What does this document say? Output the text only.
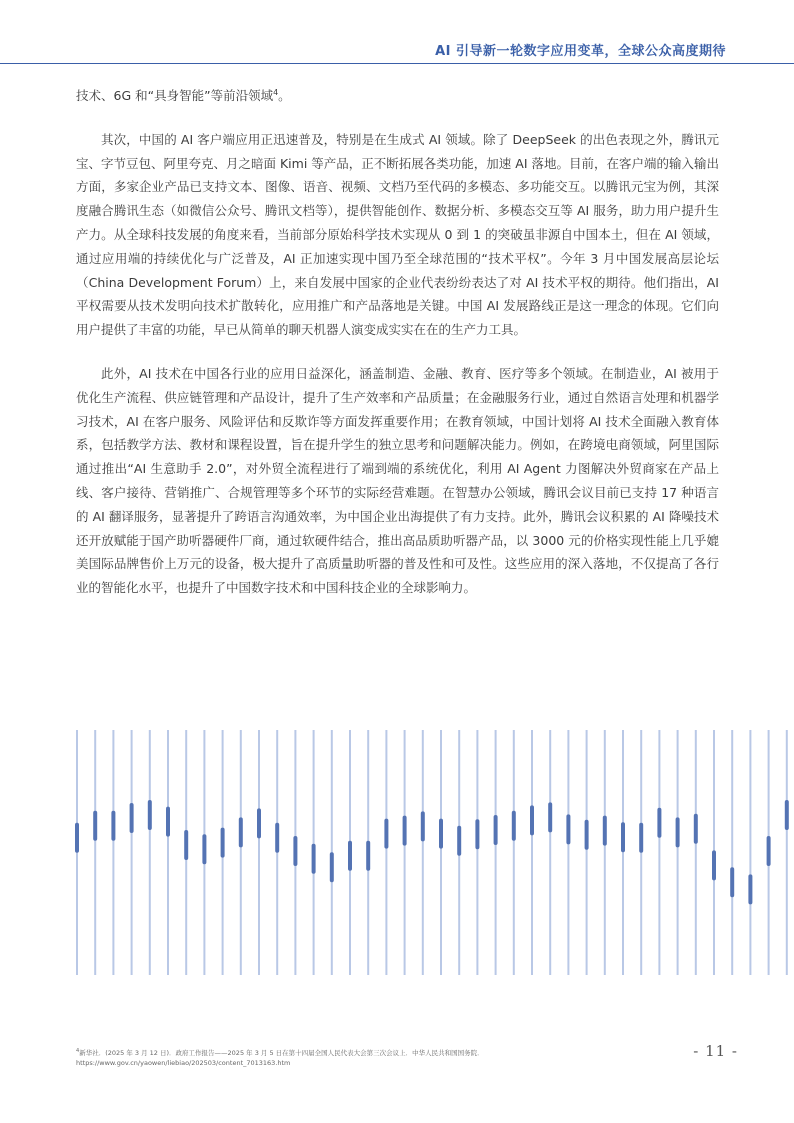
AI 引导新一轮数字应用变革，全球公众高度期待

技术、6G 和“具身智能”等前沿领域$^4$。

其次，中国的 AI 客户端应用正迅速普及，特别是在生成式 AI 领域。除了 DeepSeek 的出色表现之外，腾讯元宝、字节豆包、阿里夸克、月之暗面 Kimi 等产品，正不断拓展各类功能，加速 AI 落地。目前，在客户端的输入输出方面，多家企业产品已支持文本、图像、语音、视频、文档乃至代码的多模态、多功能交互。以腾讯元宝为例，其深度融合腾讯生态（如微信公众号、腾讯文档等），提供智能创作、数据分析、多模态交互等 AI 服务，助力用户提升生产力。从全球科技发展的角度来看，当前部分原始科学技术实现从 0 到 1 的突破虽非源自中国本土，但在 AI 领域，通过应用端的持续优化与广泛普及，AI 正加速实现中国乃至全球范围的“技术平权”。今年 3 月中国发展高层论坛（China Development Forum）上，来自发展中国家的企业代表纷纷表达了对 AI 技术平权的期待。他们指出，AI 平权需要从技术发明向技术扩散转化，应用推广和产品落地是关键。中国 AI 发展路线正是这一理念的体现。它们向用户提供了丰富的功能，早已从简单的聊天机器人演变成实实在在的生产力工具。

此外，AI 技术在中国各行业的应用日益深化，涵盖制造、金融、教育、医疗等多个领域。在制造业，AI 被用于优化生产流程、供应链管理和产品设计，提升了生产效率和产品质量；在金融服务行业，通过自然语言处理和机器学习技术，AI 在客户服务、风险评估和反欺诈等方面发挥重要作用；在教育领域，中国计划将 AI 技术全面融入教育体系，包括教学方法、教材和课程设置，旨在提升学生的独立思考和问题解决能力。例如，在跨境电商领域，阿里国际通过推出“AI 生意助手 2.0”，对外贸全流程进行了端到端的系统优化，利用 AI Agent 力图解决外贸商家在产品上线、客户接待、营销推广、合规管理等多个环节的实际经营难题。在智慧办公领域，腾讯会议目前已支持 17 种语言的 AI 翻译服务，显著提升了跨语言沟通效率，为中国企业出海提供了有力支持。此外，腾讯会议积累的 AI 降噪技术还开放赋能于国产助听器硬件厂商，通过软硬件结合，推出高品质助听器产品，以 3000 元的价格实现性能上几乎媲美国际品牌售价上万元的设备，极大提升了高质量助听器的普及性和可及性。这些应用的深入落地，不仅提高了各行业的智能化水平，也提升了中国数字技术和中国科技企业的全球影响力。

$^4$新华社．(2025 年 3 月 12 日)．政府工作报告——2025 年 3 月 5 日在第十四届全国人民代表大会第三次会议上．中华人民共和国国务院．
https://www.gov.cn/yaowen/liebiao/202503/content_7013163.htm
- 11 -
